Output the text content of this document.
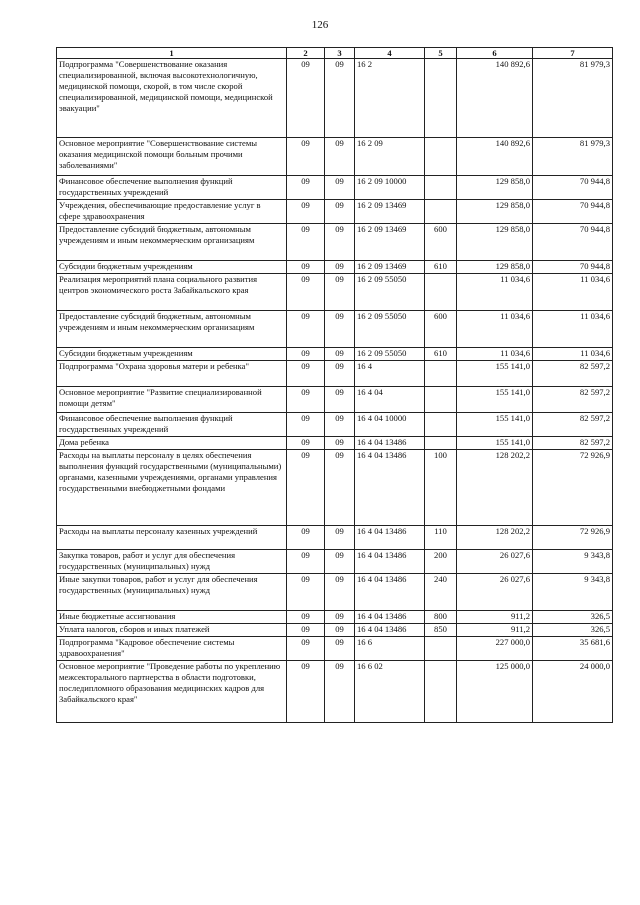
126
1	2	3	4	5	6	7
Подпрограмма "Совершенствование оказания специализированной, включая высокотехнологичную, медицинской помощи, скорой, в том числе скорой специализированной, медицинской помощи, медицинской эвакуации"	09	09	16 2		140 892,6	81 979,3
Основное мероприятие "Совершенствование системы оказания медицинской помощи больным прочими заболеваниями"	09	09	16 2 09		140 892,6	81 979,3
Финансовое обеспечение выполнения функций государственных учреждений	09	09	16 2 09 10000		129 858,0	70 944,8
Учреждения, обеспечивающие предоставление услуг в сфере здравоохранения	09	09	16 2 09 13469		129 858,0	70 944,8
Предоставление субсидий бюджетным, автономным учреждениям и иным некоммерческим организациям	09	09	16 2 09 13469	600	129 858,0	70 944,8
Субсидии бюджетным учреждениям	09	09	16 2 09 13469	610	129 858,0	70 944,8
Реализация мероприятий плана социального развития центров экономического роста Забайкальского края	09	09	16 2 09 55050		11 034,6	11 034,6
Предоставление субсидий бюджетным, автономным учреждениям и иным некоммерческим организациям	09	09	16 2 09 55050	600	11 034,6	11 034,6
Субсидии бюджетным учреждениям	09	09	16 2 09 55050	610	11 034,6	11 034,6
Подпрограмма "Охрана здоровья матери и ребенка"	09	09	16 4		155 141,0	82 597,2
Основное мероприятие "Развитие специализированной помощи детям"	09	09	16 4 04		155 141,0	82 597,2
Финансовое обеспечение выполнения функций государственных учреждений	09	09	16 4 04 10000		155 141,0	82 597,2
Дома ребенка	09	09	16 4 04 13486		155 141,0	82 597,2
Расходы на выплаты персоналу в целях обеспечения выполнения функций государственными (муниципальными) органами, казенными учреждениями, органами управления государственными внебюджетными фондами	09	09	16 4 04 13486	100	128 202,2	72 926,9
Расходы на выплаты персоналу казенных учреждений	09	09	16 4 04 13486	110	128 202,2	72 926,9
Закупка товаров, работ и услуг для обеспечения государственных (муниципальных) нужд	09	09	16 4 04 13486	200	26 027,6	9 343,8
Иные закупки товаров, работ и услуг для обеспечения государственных (муниципальных) нужд	09	09	16 4 04 13486	240	26 027,6	9 343,8
Иные бюджетные ассигнования	09	09	16 4 04 13486	800	911,2	326,5
Уплата налогов, сборов и иных платежей	09	09	16 4 04 13486	850	911,2	326,5
Подпрограмма "Кадровое обеспечение системы здравоохранения"	09	09	16 6		227 000,0	35 681,6
Основное мероприятие "Проведение работы по укреплению межсекторального партнерства в области подготовки, последипломного образования медицинских кадров для Забайкальского края"	09	09	16 6 02		125 000,0	24 000,0
